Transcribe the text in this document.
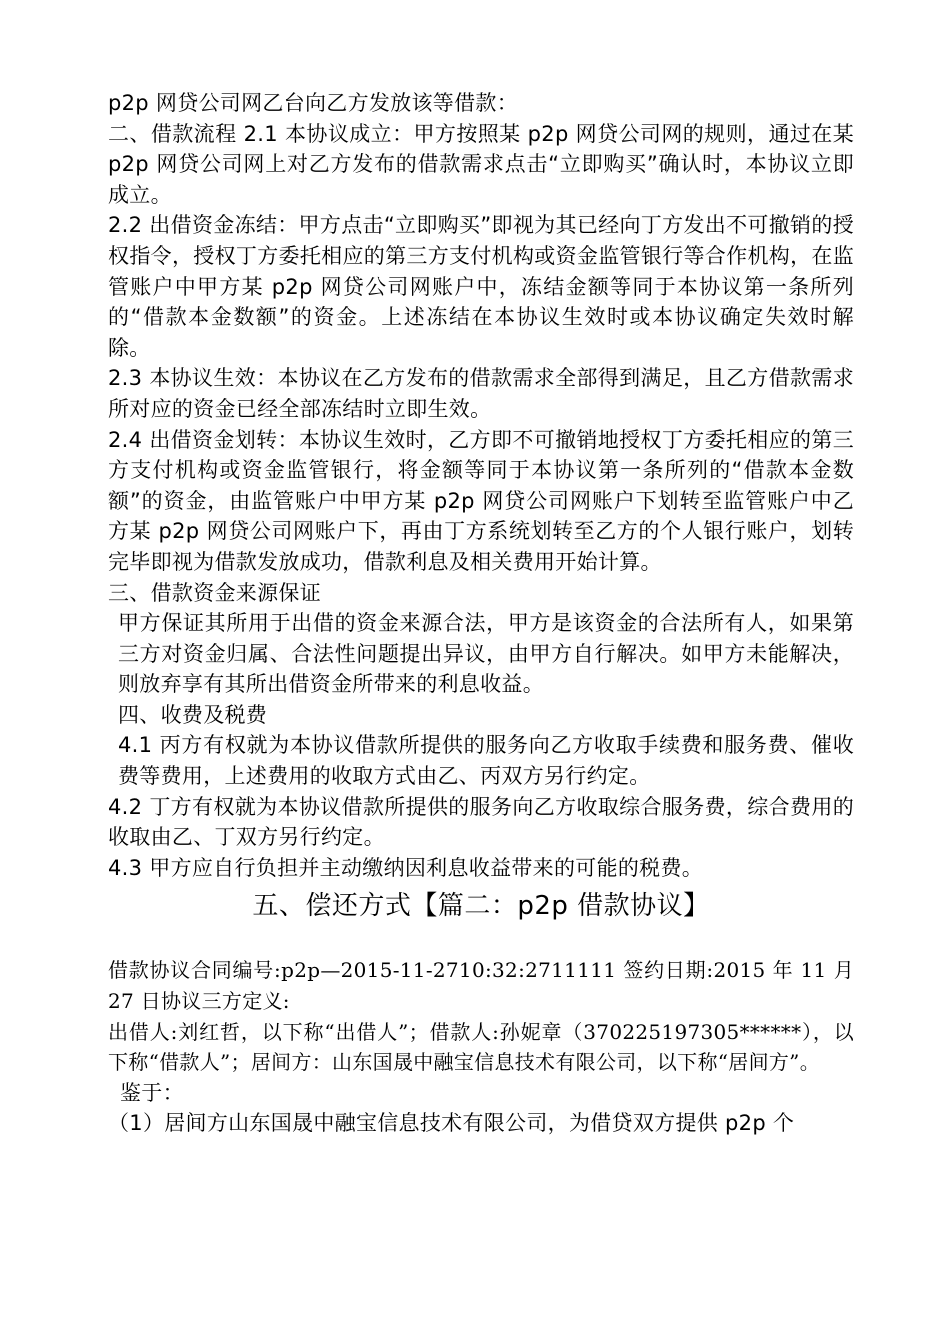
p2p 网贷公司网乙台向乙方发放该等借款：

二、借款流程 2.1 本协议成立：甲方按照某 p2p 网贷公司网的规则，通过在某 p2p 网贷公司网上对乙方发布的借款需求点击“立即购买”确认时，本协议立即成立。

2.2 出借资金冻结：甲方点击“立即购买”即视为其已经向丁方发出不可撤销的授权指令，授权丁方委托相应的第三方支付机构或资金监管银行等合作机构，在监管账户中甲方某 p2p 网贷公司网账户中，冻结金额等同于本协议第一条所列的“借款本金数额”的资金。上述冻结在本协议生效时或本协议确定失效时解除。

2.3 本协议生效：本协议在乙方发布的借款需求全部得到满足，且乙方借款需求所对应的资金已经全部冻结时立即生效。

2.4 出借资金划转：本协议生效时，乙方即不可撤销地授权丁方委托相应的第三方支付机构或资金监管银行，将金额等同于本协议第一条所列的“借款本金数额”的资金，由监管账户中甲方某 p2p 网贷公司网账户下划转至监管账户中乙方某 p2p 网贷公司网账户下，再由丁方系统划转至乙方的个人银行账户，划转完毕即视为借款发放成功，借款利息及相关费用开始计算。

三、借款资金来源保证

甲方保证其所用于出借的资金来源合法，甲方是该资金的合法所有人，如果第三方对资金归属、合法性问题提出异议，由甲方自行解决。如甲方未能解决，则放弃享有其所出借资金所带来的利息收益。

四、收费及税费

4.1 丙方有权就为本协议借款所提供的服务向乙方收取手续费和服务费、催收费等费用，上述费用的收取方式由乙、丙双方另行约定。

4.2 丁方有权就为本协议借款所提供的服务向乙方收取综合服务费，综合费用的收取由乙、丁双方另行约定。

4.3 甲方应自行负担并主动缴纳因利息收益带来的可能的税费。

五、偿还方式【篇二：p2p 借款协议】

借款协议合同编号:p2p—2015-11-2710:32:2711111 签约日期:2015 年 11 月 27 日协议三方定义:

出借人:刘红哲，以下称“出借人”；借款人:孙妮章（370225197305******），以下称“借款人”；居间方：山东国晟中融宝信息技术有限公司，以下称“居间方”。

鉴于：

（1）居间方山东国晟中融宝信息技术有限公司，为借贷双方提供 p2p 个
